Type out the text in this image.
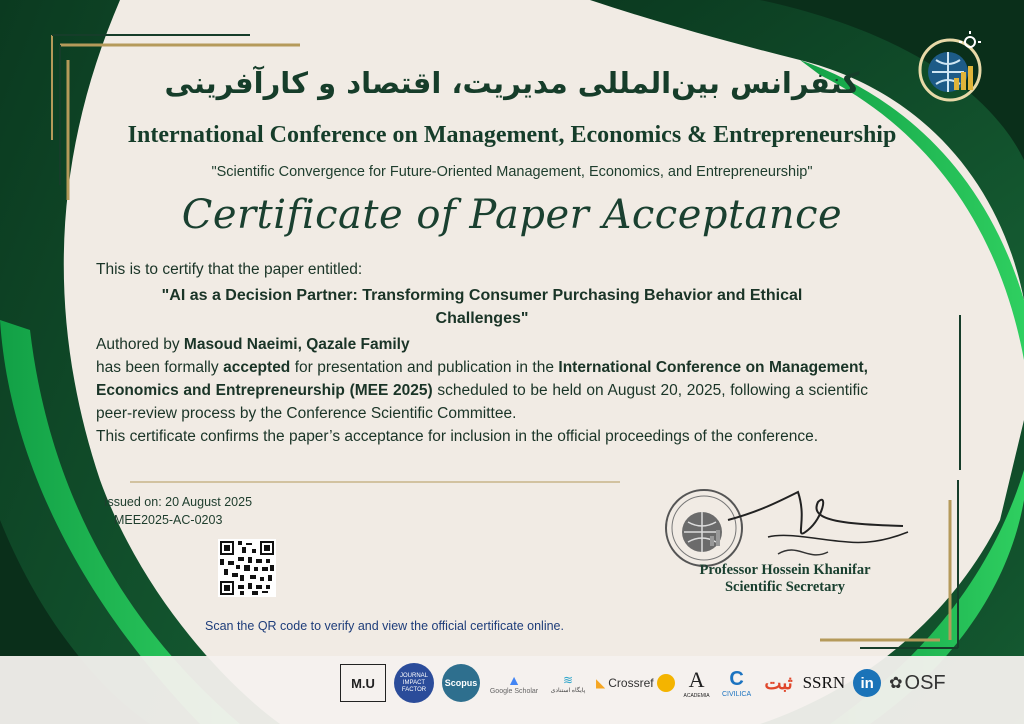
کنفرانس بین‌المللی مدیریت، اقتصاد و کارآفرینی
International Conference on Management, Economics & Entrepreneurship
"Scientific Convergence for Future-Oriented Management, Economics, and Entrepreneurship"
Certificate of Paper Acceptance

This is to certify that the paper entitled:

"AI as a Decision Partner: Transforming Consumer Purchasing Behavior and Ethical Challenges"

Authored by Masoud Naeimi, Qazale Family

has been formally accepted for presentation and publication in the International Conference on Management, Economics and Entrepreneurship (MEE 2025) scheduled to be held on August 20, 2025, following a scientific peer-review process by the Conference Scientific Committee.

This certificate confirms the paper’s acceptance for inclusion in the official proceedings of the conference.

Issued on: 20 August 2025
MEE2025-AC-0203
Scan the QR code to verify and view the official certificate online.
Professor Hossein Khanifar
Scientific Secretary
M.U	JOURNAL IMPACT FACTOR
Scopus ▲
Google Scholar
≋
پایگاه استنادی
◣ Crossref A
ACADEMIA
C
CIVILICA
ثبت SSRN	in ✿ OSF
